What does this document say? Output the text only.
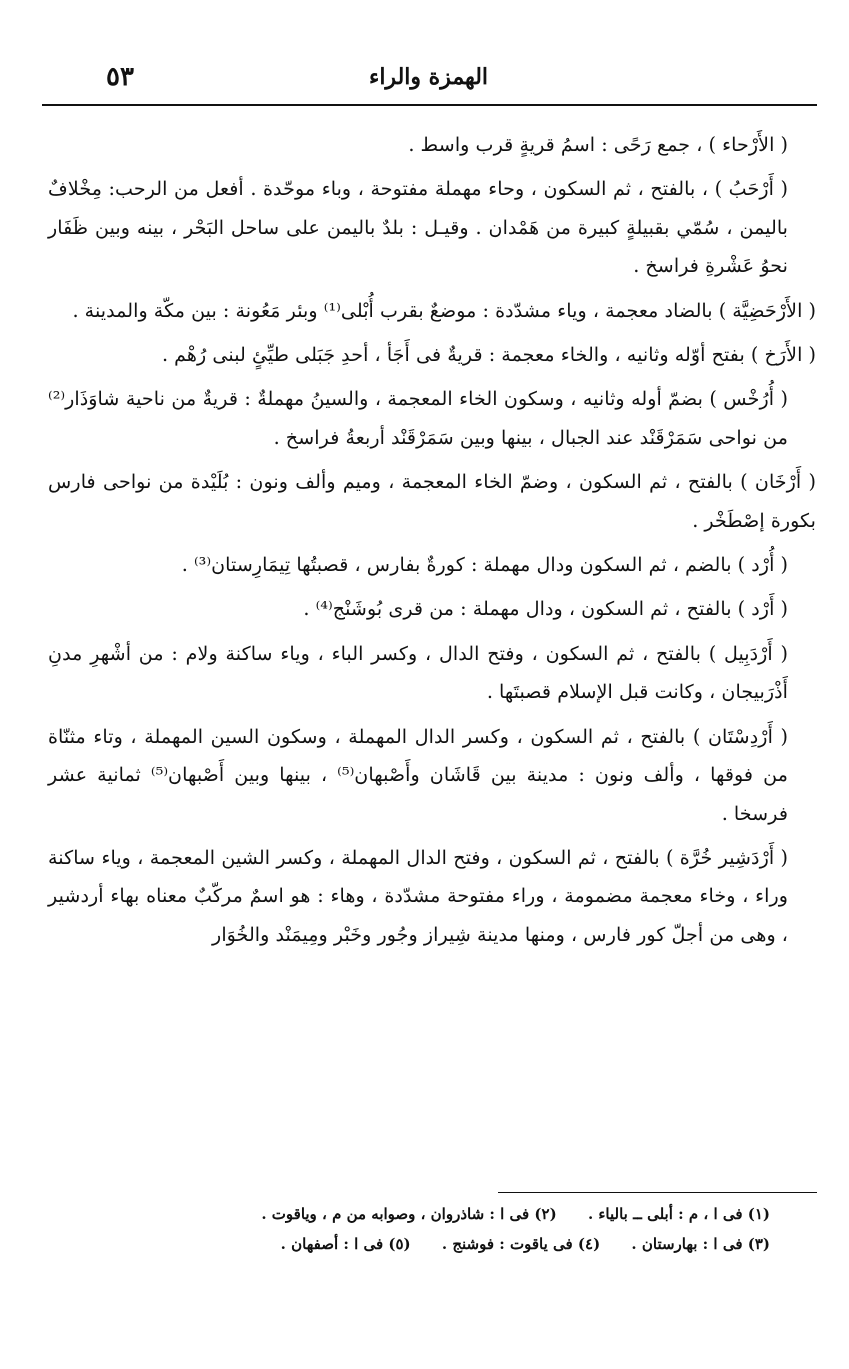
الهمزة والراء
٥٣

( الأَرْحاء ) ، جمع رَحًى : اسمُ قريةٍ قرب واسط .

( أَرْحَبُ ) ، بالفتح ، ثم السكون ، وحاء مهملة مفتوحة ، وباء موحّدة . أفعل من الرحب: مِخْلافٌ باليمن ، سُمّي بقبيلةٍ كبيرة من هَمْدان . وقيـل : بلدٌ باليمن على ساحل البَحْر ، بينه وبين ظَفَار نحوُ عَشْرةِ فراسخ .

( الأَرْحَضِيَّة ) بالضاد معجمة ، وياء مشدّدة : موضعٌ بقرب أُبْلى⁽¹⁾ وبئر مَعُونة : بين مكّة والمدينة .

( الأَرَخ ) بفتح أوّله وثانيه ، والخاء معجمة : قريةٌ فى أَجَأ ، أحدِ جَبَلى طيِّئٍ لبنى رُهْم .

( أُرُخْس ) بضمّ أوله وثانيه ، وسكون الخاء المعجمة ، والسينُ مهملةٌ : قريةٌ من ناحية شاوَذَار⁽²⁾ من نواحى سَمَرْقَنْد عند الجبال ، بينها وبين سَمَرْقَنْد أربعةُ فراسخ .

( أَرْخَان ) بالفتح ، ثم السكون ، وضمّ الخاء المعجمة ، وميم وألف ونون : بُلَيْدة من نواحى فارس بكورة إصْطَخْر .

( أُرْد ) بالضم ، ثم السكون ودال مهملة : كورةٌ بفارس ، قصبتُها تِيمَارِستان⁽³⁾ .

( أَرْد ) بالفتح ، ثم السكون ، ودال مهملة : من قرى بُوشَنْج⁽⁴⁾ .

( أَرْدَبِيل ) بالفتح ، ثم السكون ، وفتح الدال ، وكسر الباء ، وياء ساكنة ولام : من أشْهرِ مدنِ أَذْرَبيجان ، وكانت قبل الإسلام قصبتَها .

( أَرْدِسْتَان ) بالفتح ، ثم السكون ، وكسر الدال المهملة ، وسكون السين المهملة ، وتاء مثنّاة من فوقها ، وألف ونون : مدينة بين قَاشَان وأَصْبهان⁽⁵⁾ ، بينها وبين أَصْبهان⁽⁵⁾ ثمانية عشر فرسخا .

( أَرْدَشِير خُرَّة ) بالفتح ، ثم السكون ، وفتح الدال المهملة ، وكسر الشين المعجمة ، وياء ساكنة وراء ، وخاء معجمة مضمومة ، وراء مفتوحة مشدّدة ، وهاء : هو اسمٌ مركّبٌ معناه بهاء أردشير ، وهى من أجلّ كور فارس ، ومنها مدينة شِيراز وجُور وخَبْر ومِيمَنْد والخُوَار

(١) فى ا ، م : أبلى ــ بالياء . (٢) فى ا : شاذروان ، وصوابه من م ، وياقوت .
(٣) فى ا : بهارستان . (٤) فى ياقوت : فوشنج . (٥) فى ا : أصفهان .
